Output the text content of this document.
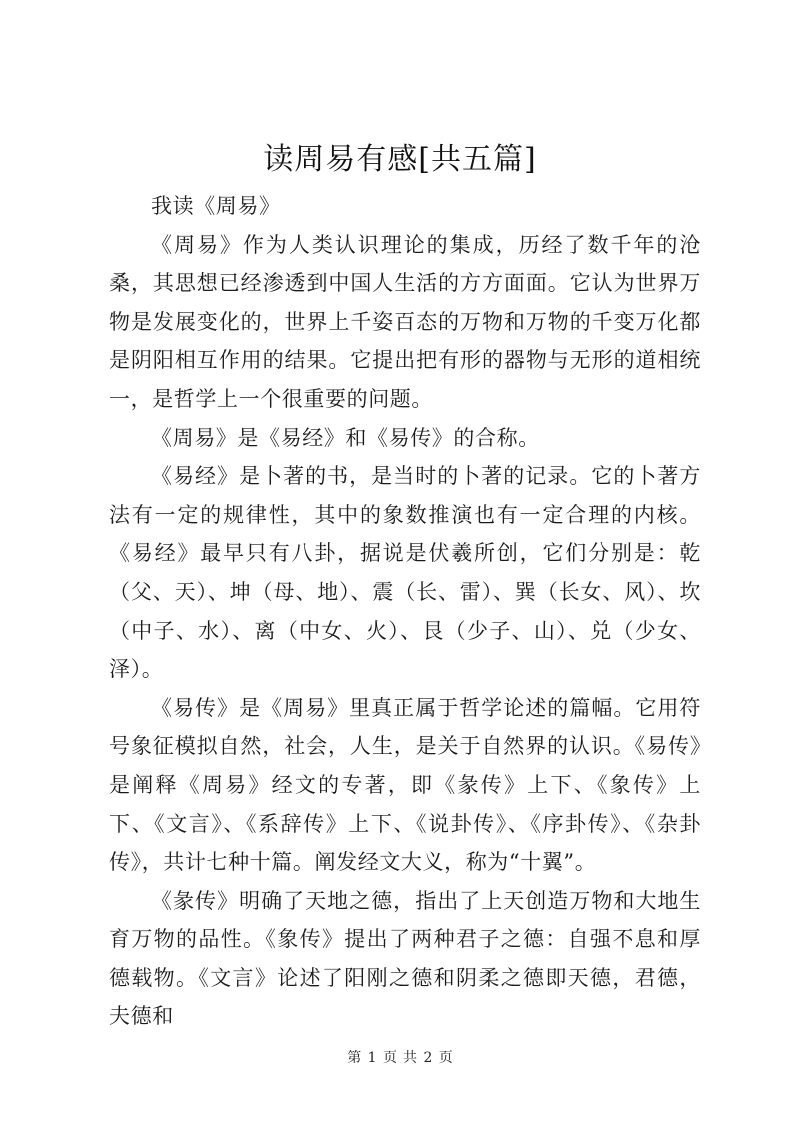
读周易有感[共五篇]

我读《周易》

《周易》作为人类认识理论的集成，历经了数千年的沧桑，其思想已经渗透到中国人生活的方方面面。它认为世界万物是发展变化的，世界上千姿百态的万物和万物的千变万化都是阴阳相互作用的结果。它提出把有形的器物与无形的道相统一，是哲学上一个很重要的问题。

《周易》是《易经》和《易传》的合称。

《易经》是卜著的书，是当时的卜著的记录。它的卜著方法有一定的规律性，其中的象数推演也有一定合理的内核。《易经》最早只有八卦，据说是伏羲所创，它们分别是：乾（父、天）、坤（母、地）、震（长、雷）、巽（长女、风）、坎（中子、水）、离（中女、火）、艮（少子、山）、兑（少女、泽）。

《易传》是《周易》里真正属于哲学论述的篇幅。它用符号象征模拟自然，社会，人生，是关于自然界的认识。《易传》是阐释《周易》经文的专著，即《彖传》上下、《象传》上下、《文言》、《系辞传》上下、《说卦传》、《序卦传》、《杂卦传》，共计七种十篇。阐发经文大义，称为“十翼”。

《彖传》明确了天地之德，指出了上天创造万物和大地生育万物的品性。《象传》提出了两种君子之德：自强不息和厚德载物。《文言》论述了阳刚之德和阴柔之德即天德，君德，夫德和

第 1 页 共 2 页
